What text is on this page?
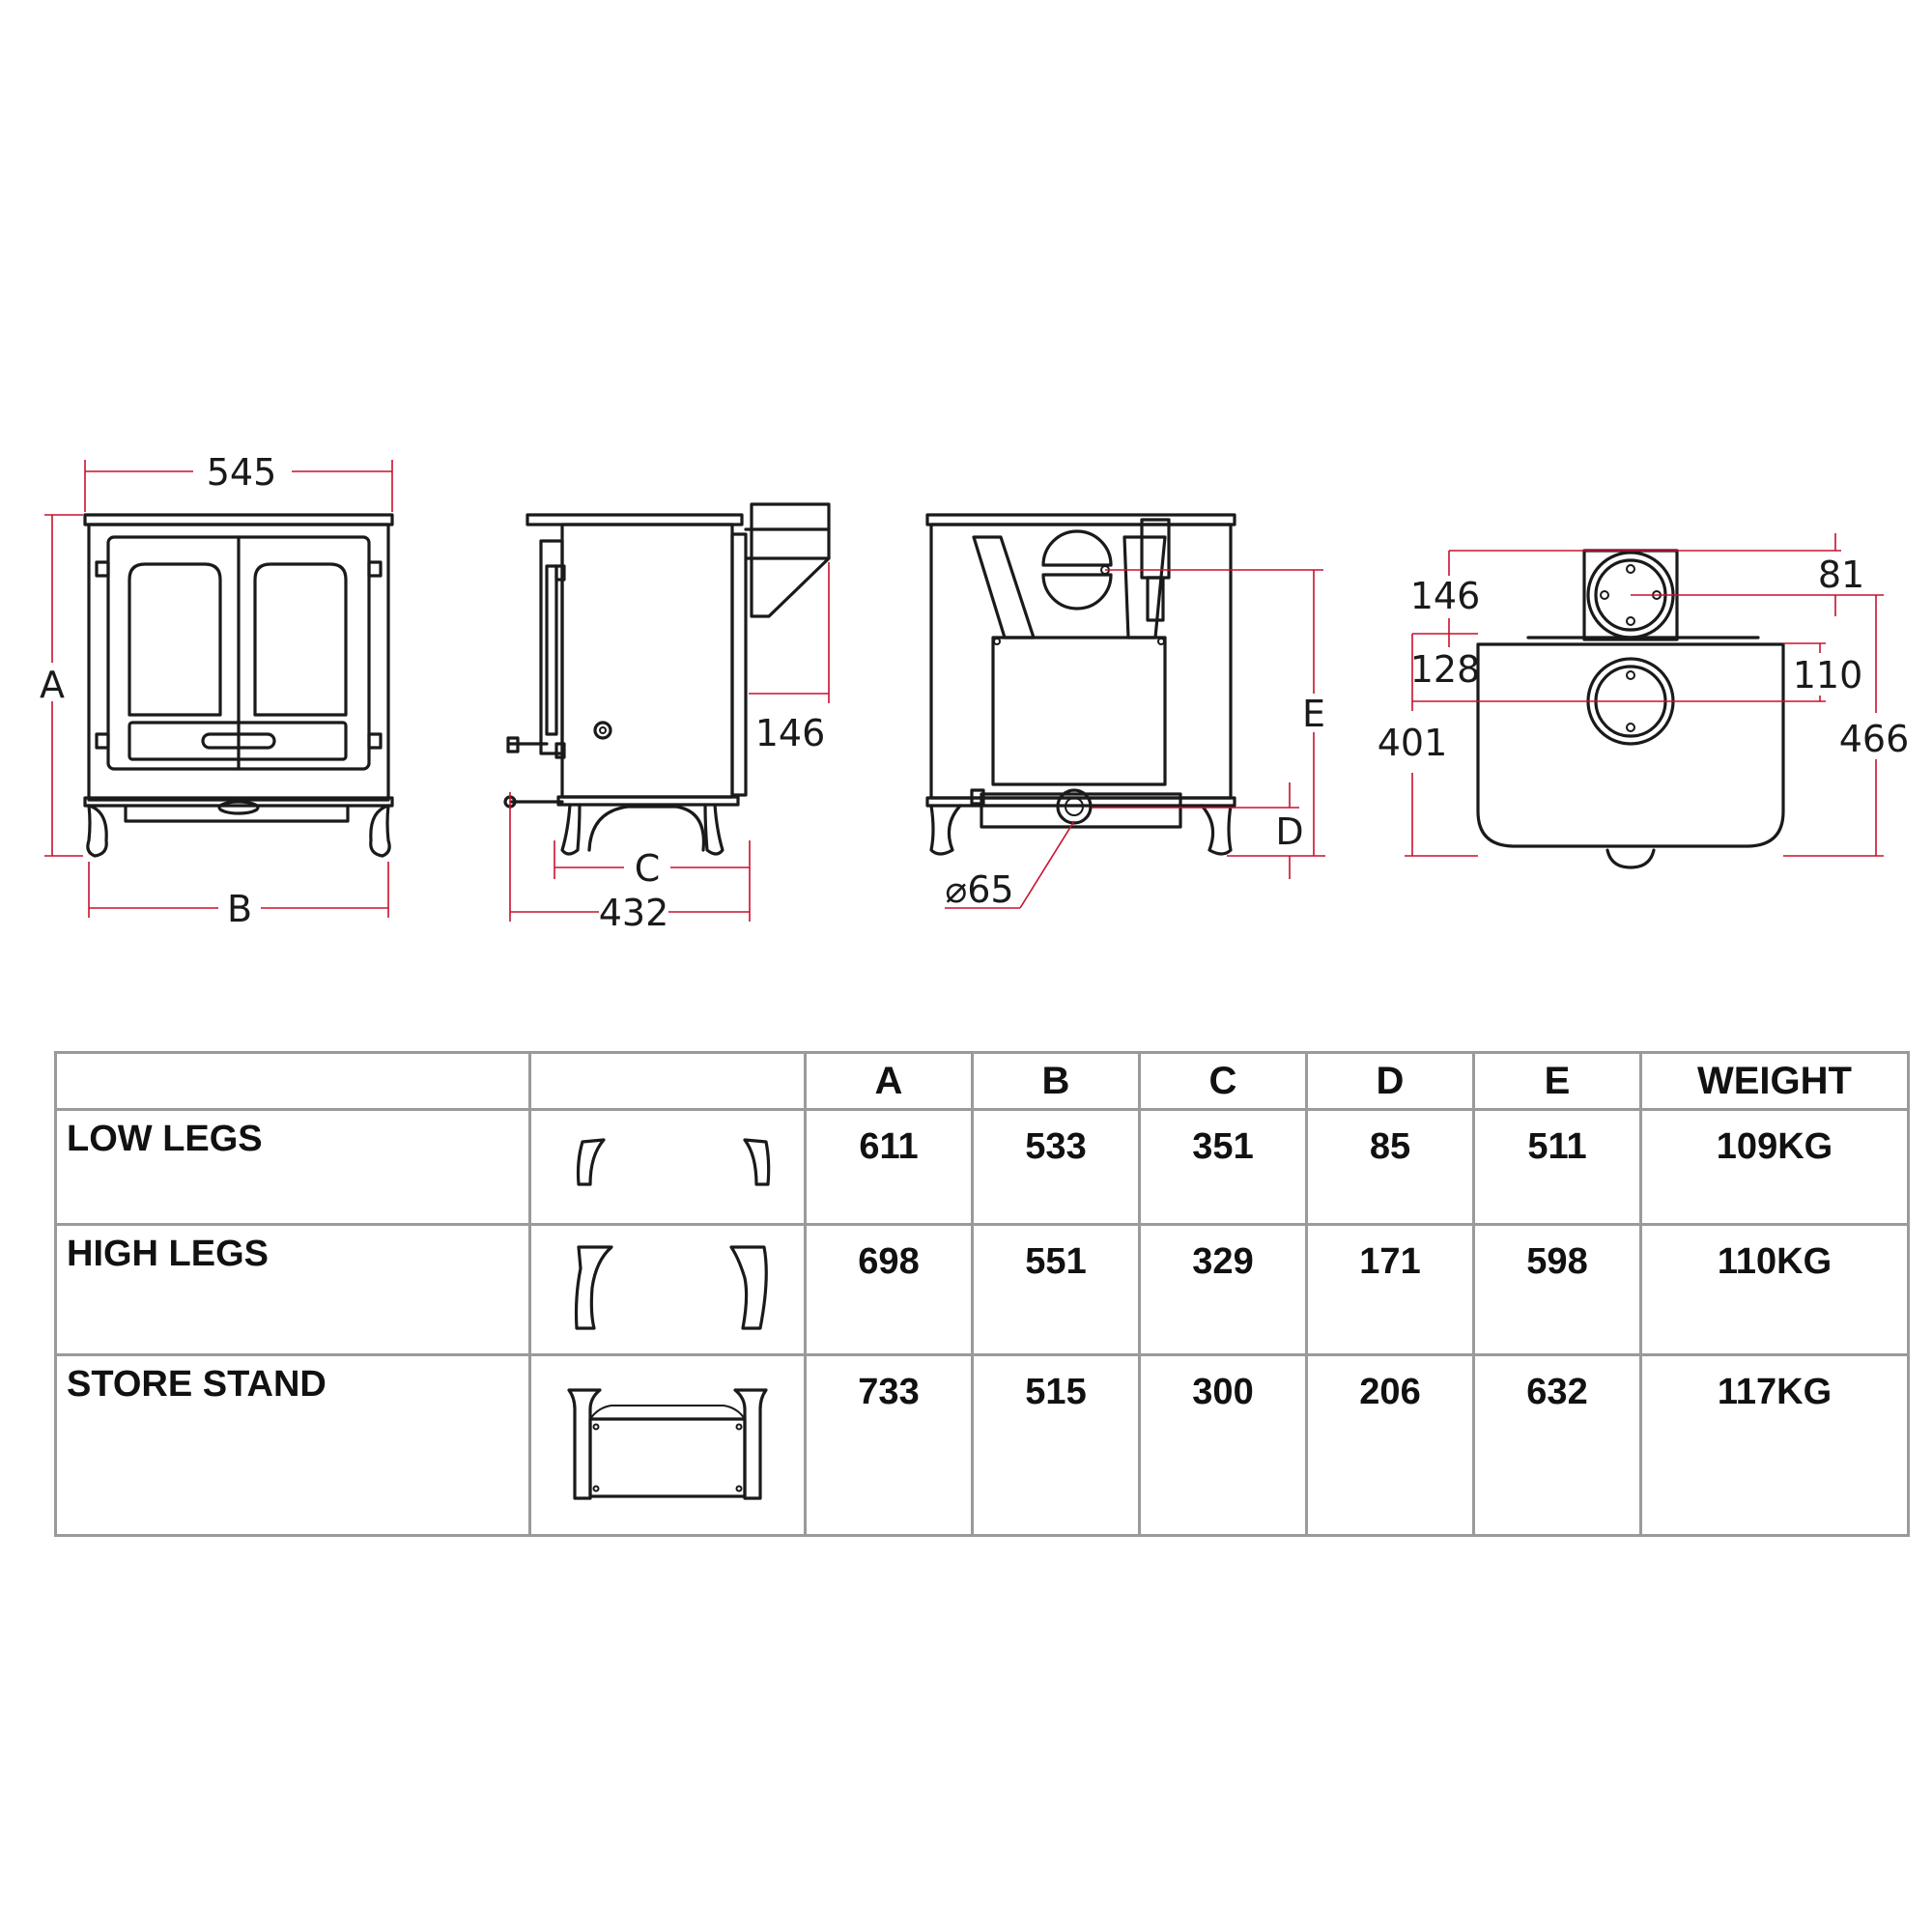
545
A
B
146
C
432
E
D
⌀65
81
146
128
401
110
466
		A	B	C	D	E	WEIGHT
LOW LEGS		611	533	351	85	511	109KG
HIGH LEGS		698	551	329	171	598	110KG
STORE STAND		733	515	300	206	632	117KG
